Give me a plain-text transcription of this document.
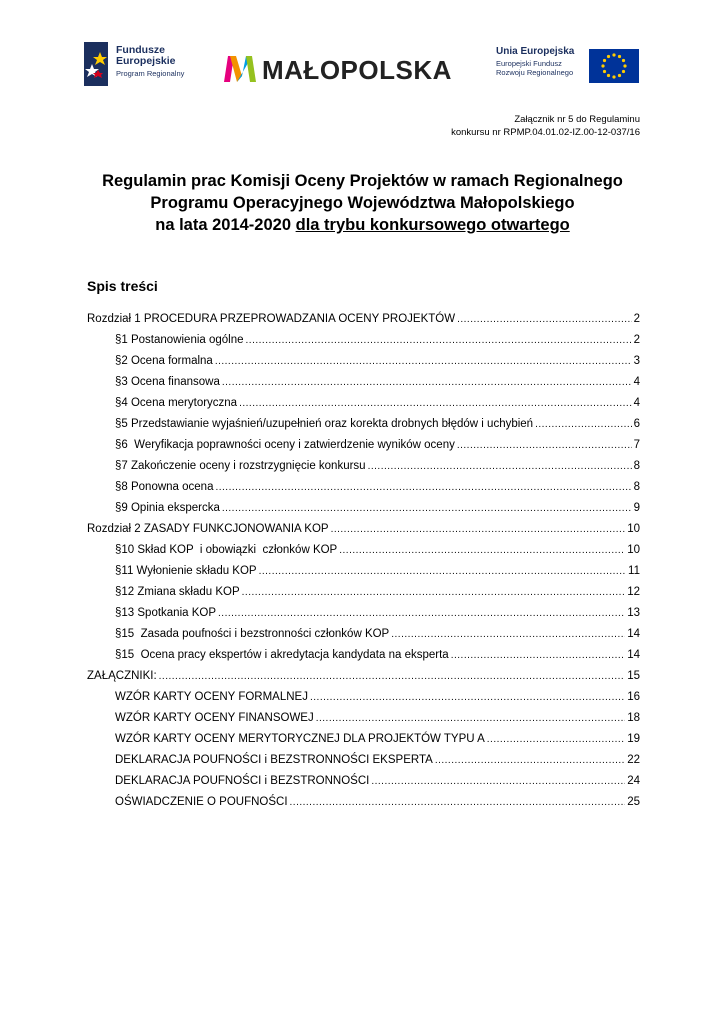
Fundusze
Europejskie
Program Regionalny	MAŁOPOLSKA
Unia Europejska
Europejski Fundusz
Rozwoju Regionalnego
Załącznik nr 5 do Regulaminu
konkursu nr RPMP.04.01.02-IZ.00-12-037/16
Regulamin prac Komisji Oceny Projektów w ramach Regionalnego
Programu Operacyjnego Województwa Małopolskiego
na lata 2014-2020 dla trybu konkursowego otwartego
Spis treści
Rozdział 1 PROCEDURA PRZEPROWADZANIA OCENY PROJEKTÓW .....	2
§1 Postanowienia ogólne .....	2
§2 Ocena formalna .....	3
§3 Ocena finansowa .....	4
§4 Ocena merytoryczna .....	4
§5 Przedstawianie wyjaśnień/uzupełnień oraz korekta drobnych błędów i uchybień .....	6
§6  Weryfikacja poprawności oceny i zatwierdzenie wyników oceny .....	7
§7 Zakończenie oceny i rozstrzygnięcie konkursu .....	8
§8 Ponowna ocena .....	8
§9 Opinia ekspercka .....	9
Rozdział 2 ZASADY FUNKCJONOWANIA KOP .....	10
§10 Skład KOP  i obowiązki  członków KOP .....	10
§11 Wyłonienie składu KOP .....	11
§12 Zmiana składu KOP .....	12
§13 Spotkania KOP .....	13
§15  Zasada poufności i bezstronności członków KOP .....	14
§15  Ocena pracy ekspertów i akredytacja kandydata na eksperta .....	14
ZAŁĄCZNIKI: .....	15
WZÓR KARTY OCENY FORMALNEJ .....	16
WZÓR KARTY OCENY FINANSOWEJ .....	18
WZÓR KARTY OCENY MERYTORYCZNEJ DLA PROJEKTÓW TYPU A .....	19
DEKLARACJA POUFNOŚCI i BEZSTRONNOŚCI EKSPERTA .....	22
DEKLARACJA POUFNOŚCI i BEZSTRONNOŚCI .....	24
OŚWIADCZENIE O POUFNOŚCI .....	25
